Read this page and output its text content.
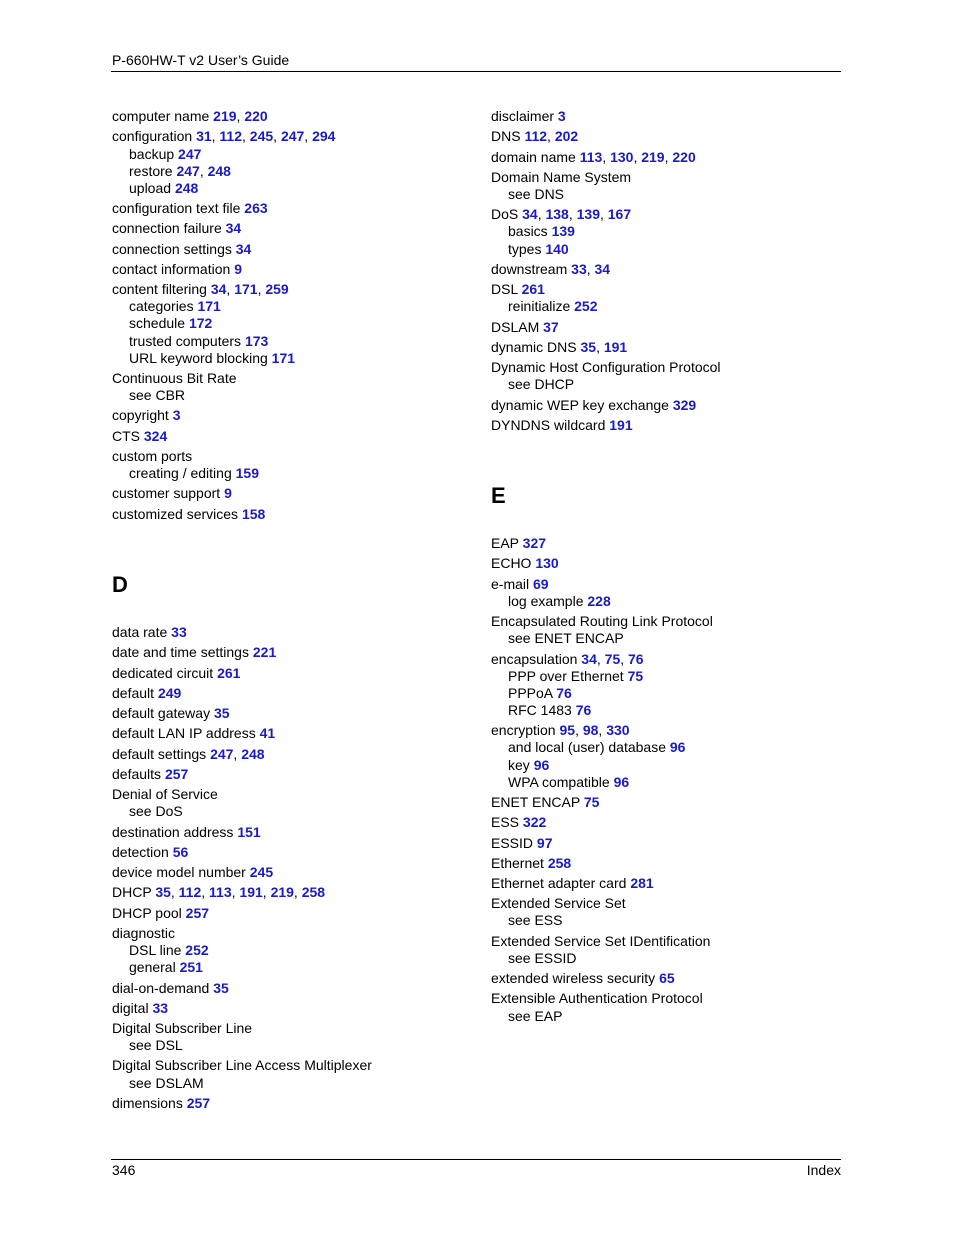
P-660HW-T v2 User’s Guide
computer name 219, 220
configuration 31, 112, 245, 247, 294
backup 247
restore 247, 248
upload 248
configuration text file 263
connection failure 34
connection settings 34
contact information 9
content filtering 34, 171, 259
categories 171
schedule 172
trusted computers 173
URL keyword blocking 171
Continuous Bit Rate
see CBR
copyright 3
CTS 324
custom ports
creating / editing 159
customer support 9
customized services 158
D
data rate 33
date and time settings 221
dedicated circuit 261
default 249
default gateway 35
default LAN IP address 41
default settings 247, 248
defaults 257
Denial of Service
see DoS
destination address 151
detection 56
device model number 245
DHCP 35, 112, 113, 191, 219, 258
DHCP pool 257
diagnostic
DSL line 252
general 251
dial-on-demand 35
digital 33
Digital Subscriber Line
see DSL
Digital Subscriber Line Access Multiplexer
see DSLAM
dimensions 257
disclaimer 3
DNS 112, 202
domain name 113, 130, 219, 220
Domain Name System
see DNS
DoS 34, 138, 139, 167
basics 139
types 140
downstream 33, 34
DSL 261
reinitialize 252
DSLAM 37
dynamic DNS 35, 191
Dynamic Host Configuration Protocol
see DHCP
dynamic WEP key exchange 329
DYNDNS wildcard 191
E
EAP 327
ECHO 130
e-mail 69
log example 228
Encapsulated Routing Link Protocol
see ENET ENCAP
encapsulation 34, 75, 76
PPP over Ethernet 75
PPPoA 76
RFC 1483 76
encryption 95, 98, 330
and local (user) database 96
key 96
WPA compatible 96
ENET ENCAP 75
ESS 322
ESSID 97
Ethernet 258
Ethernet adapter card 281
Extended Service Set
see ESS
Extended Service Set IDentification
see ESSID
extended wireless security 65
Extensible Authentication Protocol
see EAP
346	Index
